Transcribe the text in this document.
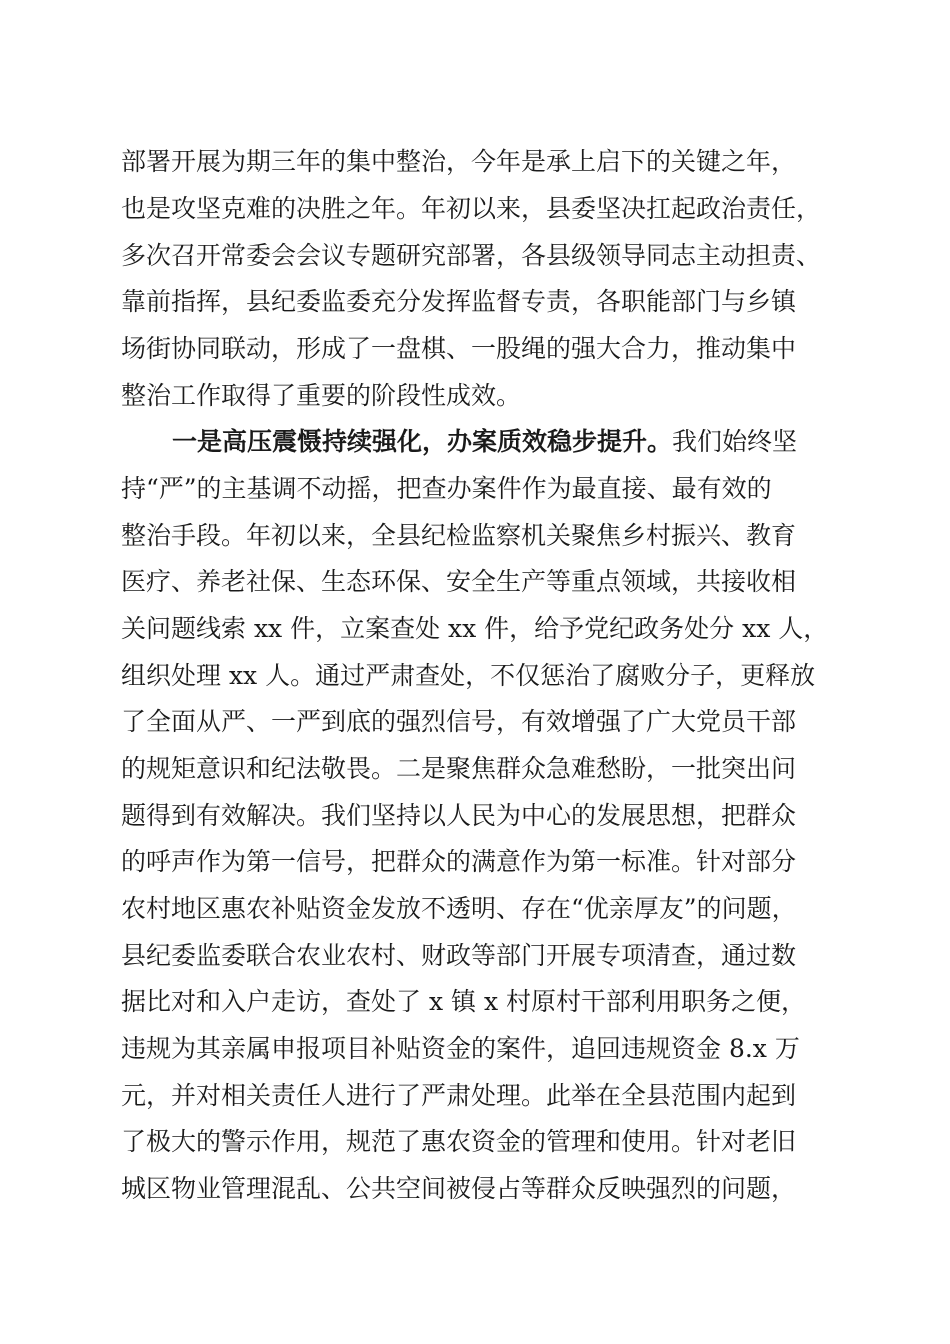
部署开展为期三年的集中整治，今年是承上启下的关键之年，
也是攻坚克难的决胜之年。年初以来，县委坚决扛起政治责任，
多次召开常委会会议专题研究部署，各县级领导同志主动担责、
靠前指挥，县纪委监委充分发挥监督专责，各职能部门与乡镇
场街协同联动，形成了一盘棋、一股绳的强大合力，推动集中
整治工作取得了重要的阶段性成效。
一是高压震慑持续强化，办案质效稳步提升。我们始终坚
持“严”的主基调不动摇，把查办案件作为最直接、最有效的
整治手段。年初以来，全县纪检监察机关聚焦乡村振兴、教育
医疗、养老社保、生态环保、安全生产等重点领域，共接收相
关问题线索 xx 件，立案查处 xx 件，给予党纪政务处分 xx 人，
组织处理 xx 人。通过严肃查处，不仅惩治了腐败分子，更释放
了全面从严、一严到底的强烈信号，有效增强了广大党员干部
的规矩意识和纪法敬畏。二是聚焦群众急难愁盼，一批突出问
题得到有效解决。我们坚持以人民为中心的发展思想，把群众
的呼声作为第一信号，把群众的满意作为第一标准。针对部分
农村地区惠农补贴资金发放不透明、存在“优亲厚友”的问题，
县纪委监委联合农业农村、财政等部门开展专项清查，通过数
据比对和入户走访，查处了 x 镇 x 村原村干部利用职务之便，
违规为其亲属申报项目补贴资金的案件，追回违规资金 8.x 万
元，并对相关责任人进行了严肃处理。此举在全县范围内起到
了极大的警示作用，规范了惠农资金的管理和使用。针对老旧
城区物业管理混乱、公共空间被侵占等群众反映强烈的问题，
